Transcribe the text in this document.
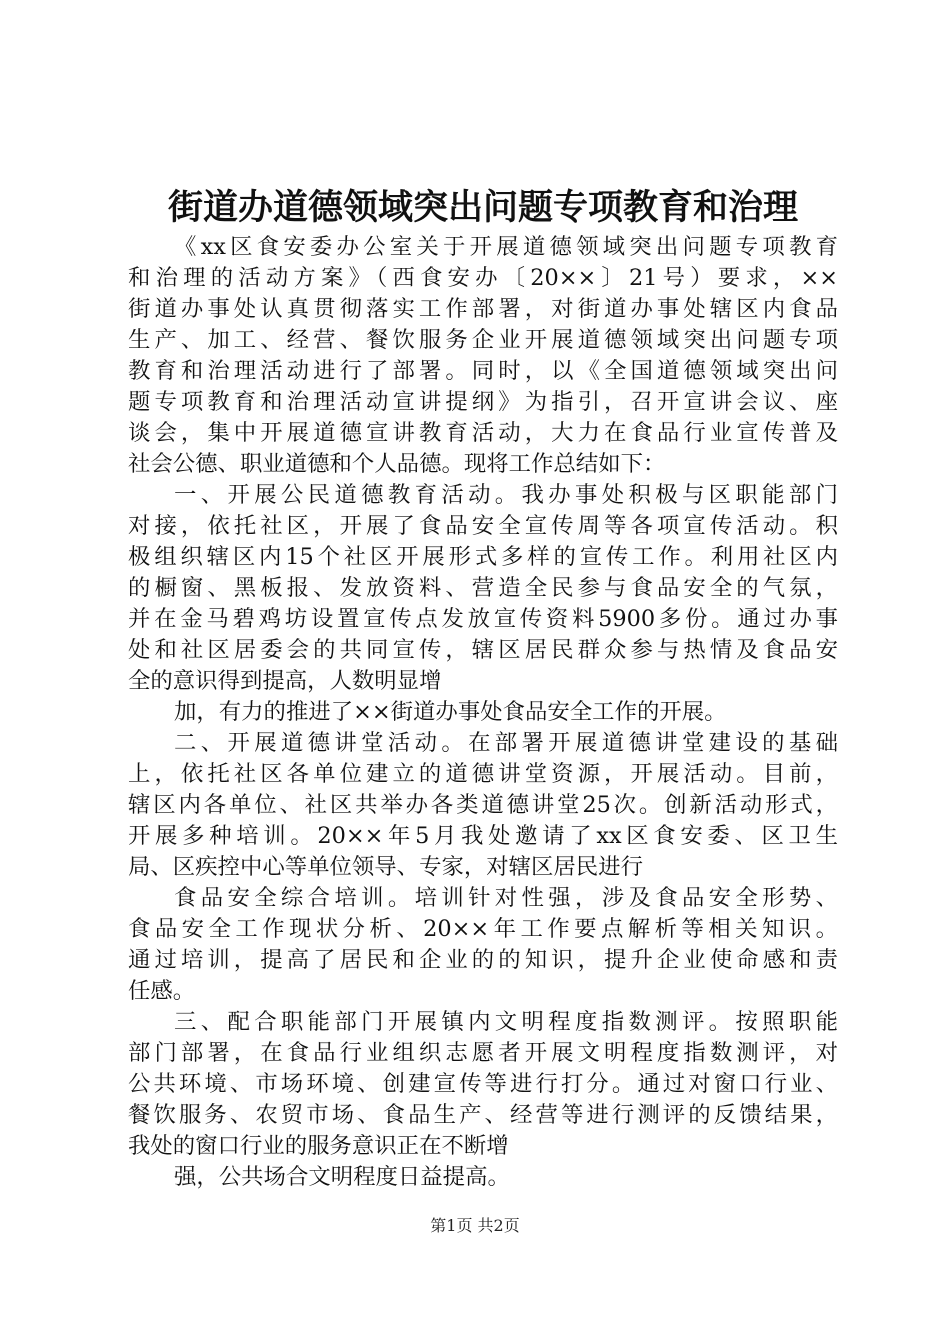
街道办道德领域突出问题专项教育和治理
《xx区食安委办公室关于开展道德领域突出问题专项教育
和治理的活动方案》（西食安办〔20××〕21号）要求，××
街道办事处认真贯彻落实工作部署，对街道办事处辖区内食品
生产、加工、经营、餐饮服务企业开展道德领域突出问题专项
教育和治理活动进行了部署。同时，以《全国道德领域突出问
题专项教育和治理活动宣讲提纲》为指引，召开宣讲会议、座
谈会，集中开展道德宣讲教育活动，大力在食品行业宣传普及
社会公德、职业道德和个人品德。现将工作总结如下：
一、开展公民道德教育活动。我办事处积极与区职能部门
对接，依托社区，开展了食品安全宣传周等各项宣传活动。积
极组织辖区内15个社区开展形式多样的宣传工作。利用社区内
的橱窗、黑板报、发放资料、营造全民参与食品安全的气氛，
并在金马碧鸡坊设置宣传点发放宣传资料5900多份。通过办事
处和社区居委会的共同宣传，辖区居民群众参与热情及食品安
全的意识得到提高，人数明显增
加，有力的推进了××街道办事处食品安全工作的开展。
二、开展道德讲堂活动。在部署开展道德讲堂建设的基础
上，依托社区各单位建立的道德讲堂资源，开展活动。目前，
辖区内各单位、社区共举办各类道德讲堂25次。创新活动形式，
开展多种培训。20××年5月我处邀请了xx区食安委、区卫生
局、区疾控中心等单位领导、专家，对辖区居民进行
食品安全综合培训。培训针对性强，涉及食品安全形势、
食品安全工作现状分析、20××年工作要点解析等相关知识。
通过培训，提高了居民和企业的的知识，提升企业使命感和责
任感。
三、配合职能部门开展镇内文明程度指数测评。按照职能
部门部署，在食品行业组织志愿者开展文明程度指数测评，对
公共环境、市场环境、创建宣传等进行打分。通过对窗口行业、
餐饮服务、农贸市场、食品生产、经营等进行测评的反馈结果，
我处的窗口行业的服务意识正在不断增
强，公共场合文明程度日益提高。
第1页 共2页
